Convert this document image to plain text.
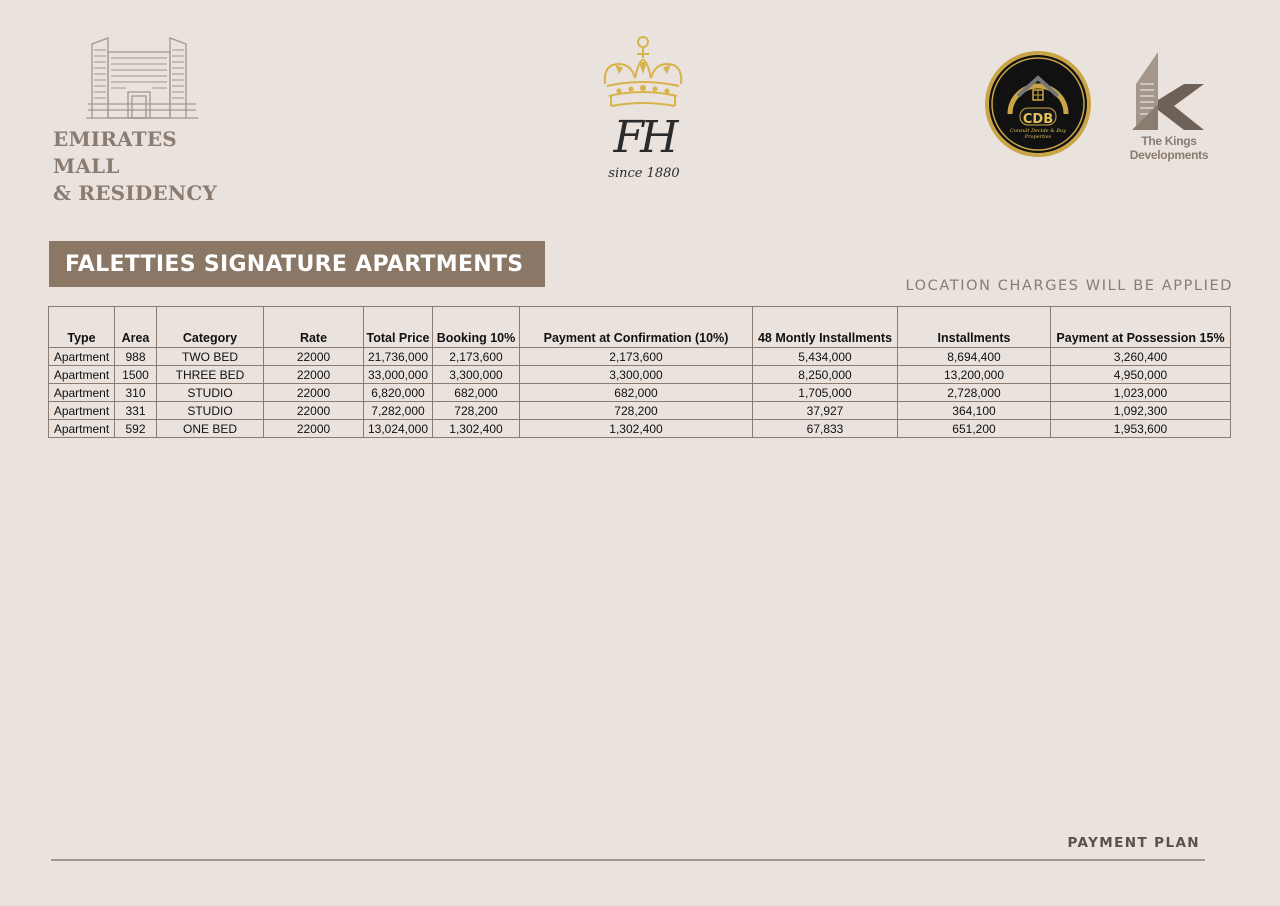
EMIRATES MALL
& RESIDENCY
FH
since 1880
CDB
Consult Decide & Buy Properties	The Kings Developments
FALETTIES SIGNATURE APARTMENTS
LOCATION CHARGES WILL BE APPLIED
Type	Area	Category	Rate	Total Price	Booking 10%	Payment at Confirmation (10%)	48 Montly Installments	Installments	Payment at Possession 15%
Apartment	988	TWO BED	22000	21,736,000	2,173,600	2,173,600	5,434,000	8,694,400	3,260,400
Apartment	1500	THREE BED	22000	33,000,000	3,300,000	3,300,000	8,250,000	13,200,000	4,950,000
Apartment	310	STUDIO	22000	6,820,000	682,000	682,000	1,705,000	2,728,000	1,023,000
Apartment	331	STUDIO	22000	7,282,000	728,200	728,200	37,927	364,100	1,092,300
Apartment	592	ONE BED	22000	13,024,000	1,302,400	1,302,400	67,833	651,200	1,953,600
PAYMENT PLAN
